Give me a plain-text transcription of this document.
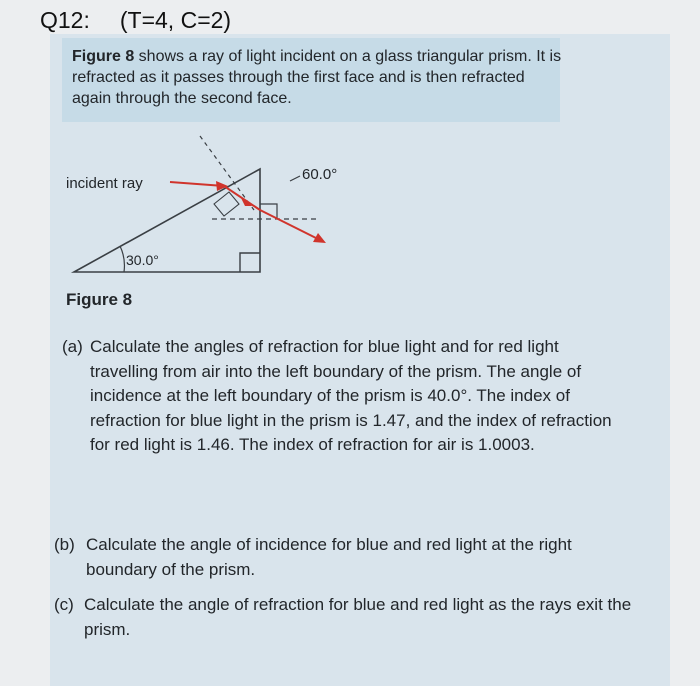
Q12: (T=4, C=2)
Figure 8 shows a ray of light incident on a glass triangular prism. It is refracted as it passes through the first face and is then refracted again through the second face.
incident ray
60.0°
30.0°
Figure 8
(a) Calculate the angles of refraction for blue light and for red light travelling from air into the left boundary of the prism. The angle of incidence at the left boundary of the prism is 40.0°. The index of refraction for blue light in the prism is 1.47, and the index of refraction for red light is 1.46. The index of refraction for air is 1.0003.
(b) Calculate the angle of incidence for blue and red light at the right boundary of the prism.
(c) Calculate the angle of refraction for blue and red light as the rays exit the prism.
